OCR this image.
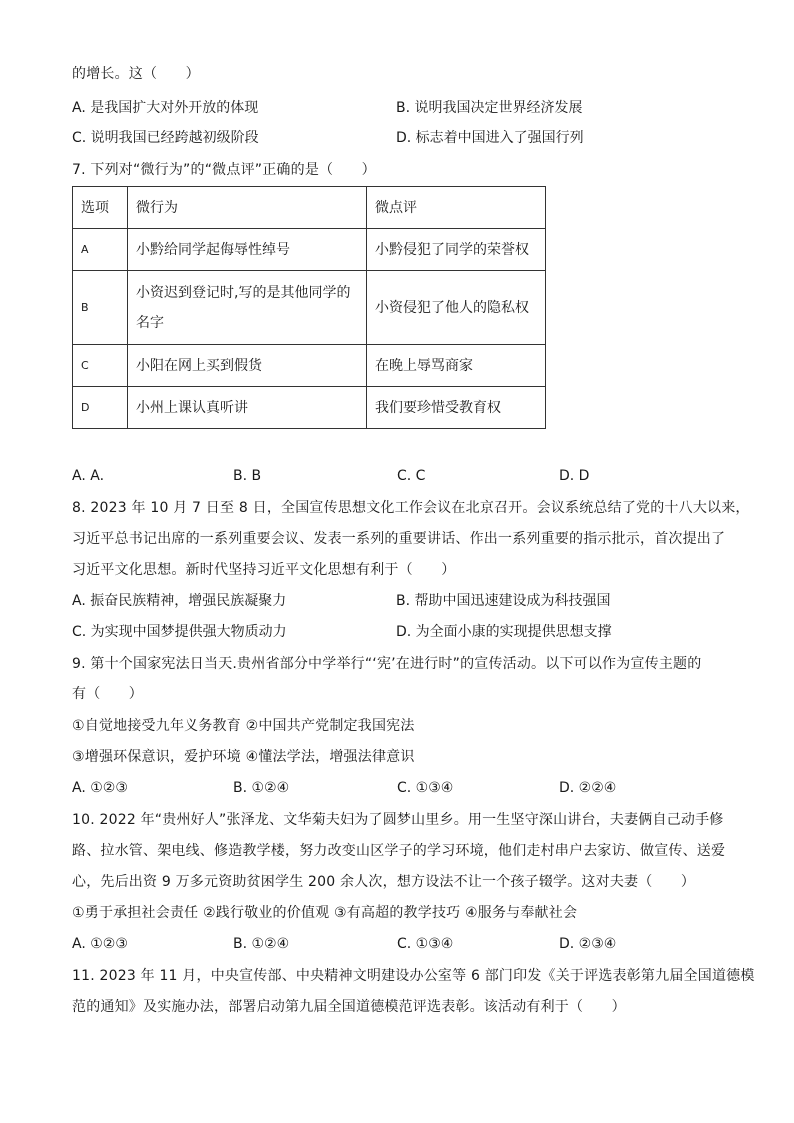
的增长。这（　　）
A. 是我国扩大对外开放的体现	B. 说明我国决定世界经济发展
C. 说明我国已经跨越初级阶段	D. 标志着中国进入了强国行列
7. 下列对“微行为”的“微点评”正确的是（　　）
选项	微行为	微点评
A	小黔给同学起侮辱性绰号	小黔侵犯了同学的荣誉权
B	小资迟到登记时,写的是其他同学的名字	小资侵犯了他人的隐私权
C	小阳在网上买到假货	在晚上辱骂商家
D	小州上课认真听讲	我们要珍惜受教育权
A. A.	B. B	C. C	D. D
8. 2023 年 10 月 7 日至 8 日，全国宣传思想文化工作会议在北京召开。会议系统总结了党的十八大以来，
习近平总书记出席的一系列重要会议、发表一系列的重要讲话、作出一系列重要的指示批示，首次提出了
习近平文化思想。新时代坚持习近平文化思想有利于（　　）
A. 振奋民族精神，增强民族凝聚力	B. 帮助中国迅速建设成为科技强国
C. 为实现中国梦提供强大物质动力	D. 为全面小康的实现提供思想支撑
9. 第十个国家宪法日当天.贵州省部分中学举行“‘宪’在进行时”的宣传活动。以下可以作为宣传主题的
有（　　）
①自觉地接受九年义务教育 ②中国共产党制定我国宪法
③增强环保意识，爱护环境 ④懂法学法，增强法律意识
A. ①②③	B. ①②④	C. ①③④	D. ②②④
10. 2022 年“贵州好人”张泽龙、文华菊夫妇为了圆梦山里乡。用一生坚守深山讲台，夫妻俩自己动手修
路、拉水管、架电线、修造教学楼，努力改变山区学子的学习环境，他们走村串户去家访、做宣传、送爱
心，先后出资 9 万多元资助贫困学生 200 余人次，想方设法不让一个孩子辍学。这对夫妻（　　）
①勇于承担社会责任 ②践行敬业的价值观 ③有高超的教学技巧 ④服务与奉献社会
A. ①②③	B. ①②④	C. ①③④	D. ②③④
11. 2023 年 11 月，中央宣传部、中央精神文明建设办公室等 6 部门印发《关于评选表彰第九届全国道德模
范的通知》及实施办法，部署启动第九届全国道德模范评选表彰。该活动有利于（　　）
